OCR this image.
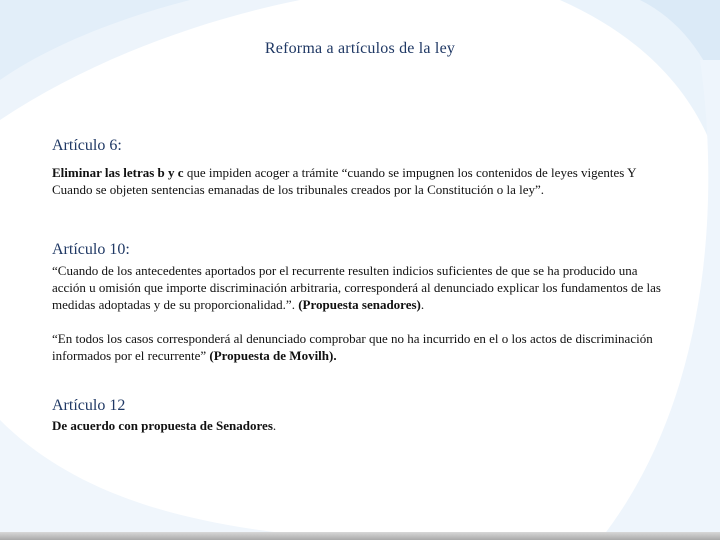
Reforma a artículos de la ley
Artículo 6:

Eliminar las letras b y c que impiden acoger a trámite “cuando se impugnen los contenidos de leyes vigentes Y Cuando se objeten sentencias emanadas de los tribunales creados por la Constitución o la ley”.

Artículo 10:

“Cuando de los antecedentes aportados por el recurrente resulten indicios suficientes de que se ha producido una acción u omisión que importe discriminación arbitraria, corresponderá al denunciado explicar los fundamentos de las medidas adoptadas y de su proporcionalidad.”. (Propuesta senadores).

“En todos los casos corresponderá al denunciado comprobar que no ha incurrido en el o los actos de discriminación informados por el recurrente” (Propuesta de Movilh).

Artículo 12

De acuerdo con propuesta de Senadores.
